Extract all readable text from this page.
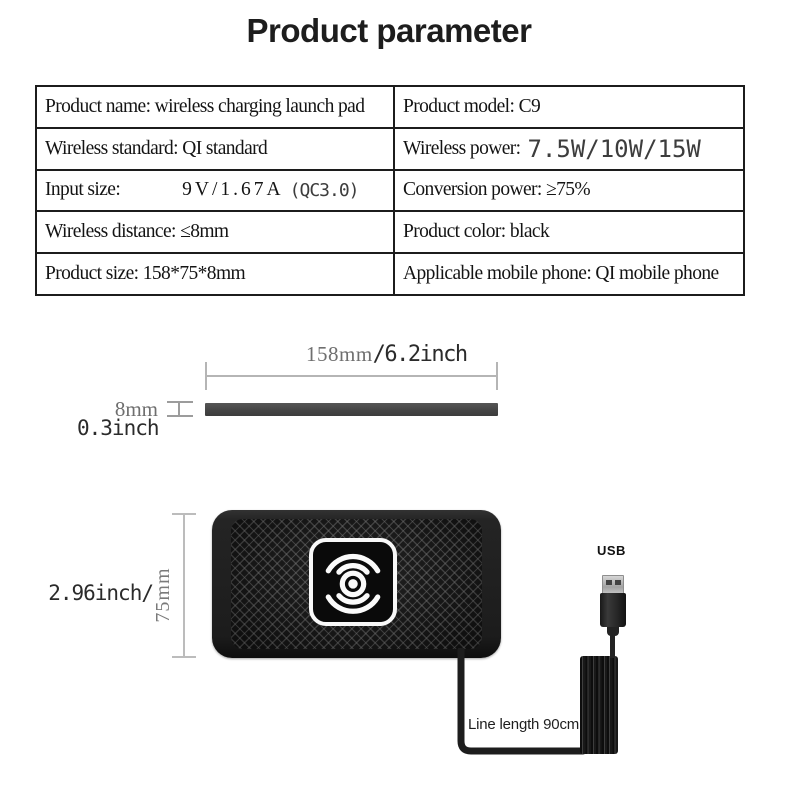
Product parameter
Product name: wireless charging launch pad	Product model: C9
Wireless standard: QI standard	Wireless power: 7.5W/10W/15W
Input size:	9V/1.67A (QC3.0)	Conversion power: ≥75%
Wireless distance: ≤8mm	Product color: black
Product size: 158*75*8mm	Applicable mobile phone: QI mobile phone
158mm/6.2inch
8mm
0.3inch
75mm
2.96inch/
USB
Line length 90cm
